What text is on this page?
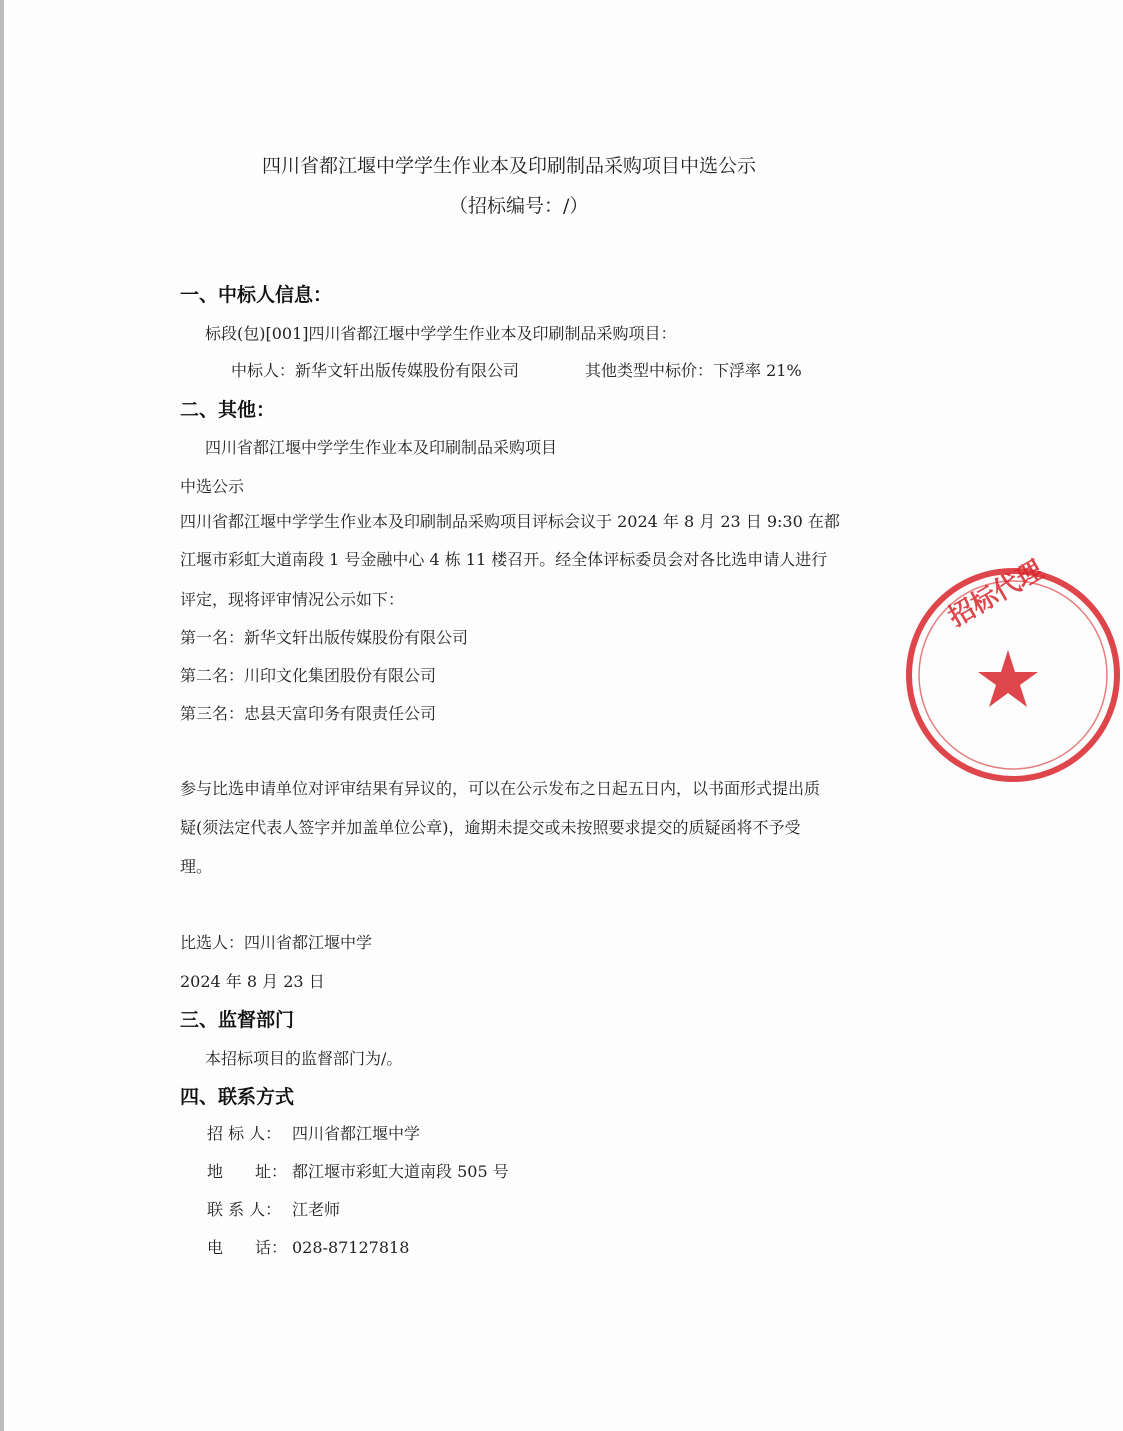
四川省都江堰中学学生作业本及印刷制品采购项目中选公示
（招标编号：/）
一、中标人信息：
标段(包)[001]四川省都江堰中学学生作业本及印刷制品采购项目：
中标人：新华文轩出版传媒股份有限公司	其他类型中标价：下浮率 21%
二、其他：
四川省都江堰中学学生作业本及印刷制品采购项目
中选公示
四川省都江堰中学学生作业本及印刷制品采购项目评标会议于 2024 年 8 月 23 日 9:30 在都
江堰市彩虹大道南段 1 号金融中心 4 栋 11 楼召开。经全体评标委员会对各比选申请人进行
评定，现将评审情况公示如下：
第一名：新华文轩出版传媒股份有限公司
第二名：川印文化集团股份有限公司
第三名：忠县天富印务有限责任公司
参与比选申请单位对评审结果有异议的，可以在公示发布之日起五日内，以书面形式提出质
疑(须法定代表人签字并加盖单位公章)，逾期未提交或未按照要求提交的质疑函将不予受
理。
比选人：四川省都江堰中学
2024 年 8 月 23 日
三、监督部门
本招标项目的监督部门为/。
四、联系方式
招 标 人： 四川省都江堰中学
地　　址： 都江堰市彩虹大道南段 505 号
联 系 人： 江老师
电　　话： 028-87127818
招标代理
